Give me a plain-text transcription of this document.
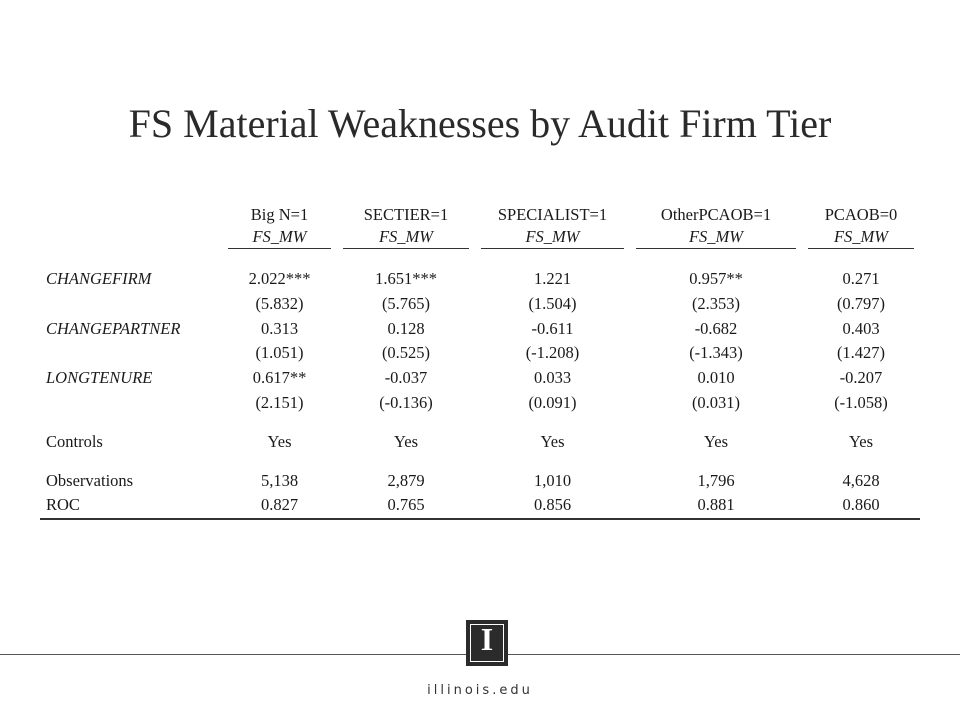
FS Material Weaknesses by Audit Firm Tier
	Big N=1	SECTIER=1	SPECIALIST=1	OtherPCAOB=1	PCAOB=0

	FS_MW	FS_MW	FS_MW	FS_MW	FS_MW

CHANGEFIRM	2.022***	1.651***	1.221	0.957**	0.271
	(5.832)	(5.765)	(1.504)	(2.353)	(0.797)
CHANGEPARTNER	0.313	0.128	-0.611	-0.682	0.403
	(1.051)	(0.525)	(-1.208)	(-1.343)	(1.427)
LONGTENURE	0.617**	-0.037	0.033	0.010	-0.207
	(2.151)	(-0.136)	(0.091)	(0.031)	(-1.058)

Controls	Yes	Yes	Yes	Yes	Yes

Observations	5,138	2,879	1,010	1,796	4,628
ROC	0.827	0.765	0.856	0.881	0.860
I
illinois.edu
